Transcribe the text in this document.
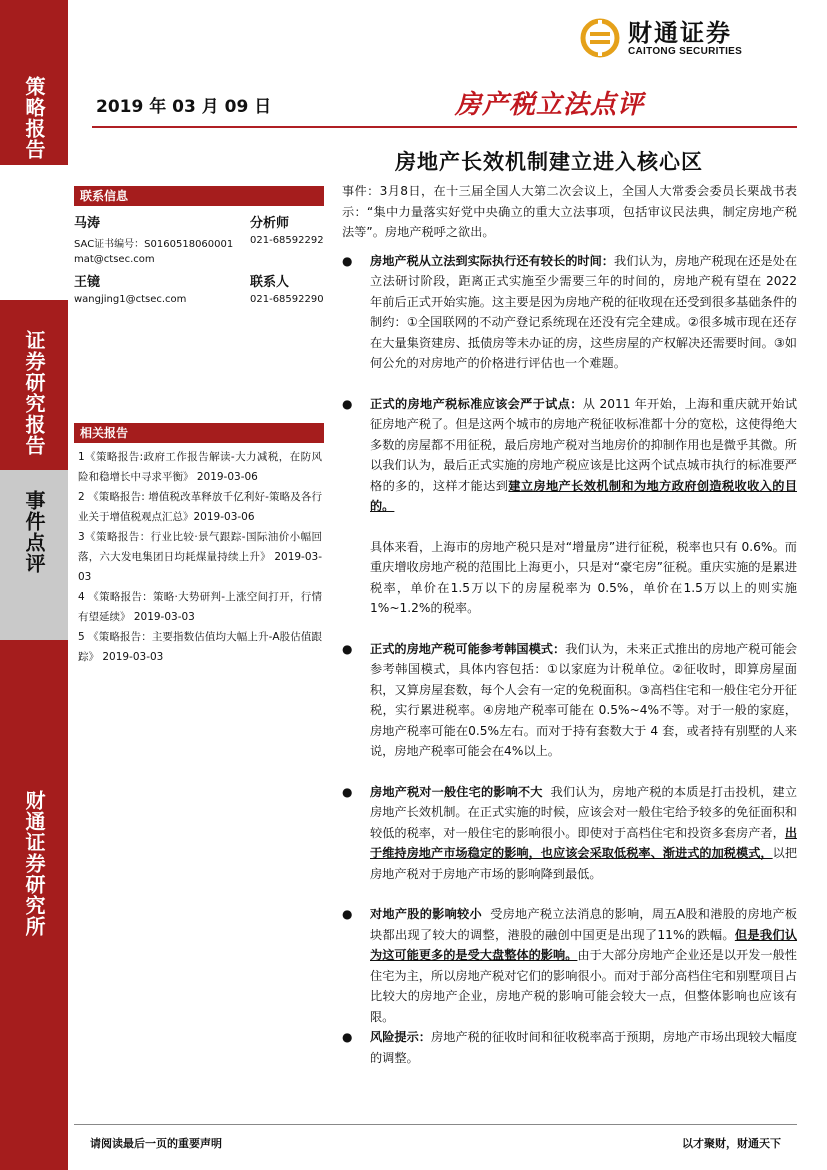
策略报告
证券研究报告
事件点评
财通证券研究所
财通证券
CAITONG SECURITIES
2019 年 03 月 09 日	房产税立法点评
房地产长效机制建立进入核心区
联系信息
马涛	分析师
SAC证书编号：S0160518060001 021-68592292
mat@ctsec.com
王镜	联系人
wangjing1@ctsec.com	021-68592290
相关报告
1《策略报告:政府工作报告解读-大力减税，在防风险和稳增长中寻求平衡》 2019-03-06
2 《策略报告: 增值税改革释放千亿利好-策略及各行业关于增值税观点汇总》2019-03-06
3《策略报告：行业比较·景气跟踪-国际油价小幅回落，六大发电集团日均耗煤量持续上升》 2019-03-03
4 《策略报告：策略·大势研判-上涨空间打开，行情有望延续》 2019-03-03
5 《策略报告：主要指数估值均大幅上升-A股估值跟踪》 2019-03-03
事件：3月8日，在十三届全国人大第二次会议上，全国人大常委会委员长栗战书表示：“集中力量落实好党中央确立的重大立法事项，包括审议民法典，制定房地产税法等”。房地产税呼之欲出。
● 房地产税从立法到实际执行还有较长的时间：我们认为，房地产税现在还是处在立法研讨阶段，距离正式实施至少需要三年的时间的，房地产税有望在 2022 年前后正式开始实施。这主要是因为房地产税的征收现在还受到很多基础条件的制约：①全国联网的不动产登记系统现在还没有完全建成。②很多城市现在还存在大量集资建房、抵债房等未办证的房，这些房屋的产权解决还需要时间。③如何公允的对房地产的价格进行评估也一个难题。
● 正式的房地产税标准应该会严于试点：从 2011 年开始，上海和重庆就开始试征房地产税了。但是这两个城市的房地产税征收标准都十分的宽松，这使得绝大多数的房屋都不用征税，最后房地产税对当地房价的抑制作用也是微乎其微。所以我们认为，最后正式实施的房地产税应该是比这两个试点城市执行的标准要严格的多的，这样才能达到建立房地产长效机制和为地方政府创造税收收入的目的。
具体来看，上海市的房地产税只是对“增量房”进行征税，税率也只有 0.6%。而重庆增收房地产税的范围比上海更小，只是对“豪宅房”征税。重庆实施的是累进税率，单价在1.5万以下的房屋税率为 0.5%，单价在1.5万以上的则实施1%~1.2%的税率。
● 正式的房地产税可能参考韩国模式：我们认为，未来正式推出的房地产税可能会参考韩国模式，具体内容包括：①以家庭为计税单位。②征收时，即算房屋面积，又算房屋套数，每个人会有一定的免税面积。③高档住宅和一般住宅分开征税，实行累进税率。④房地产税率可能在 0.5%~4%不等。对于一般的家庭，房地产税率可能在0.5%左右。而对于持有套数大于 4 套，或者持有别墅的人来说，房地产税率可能会在4%以上。
● 房地产税对一般住宅的影响不大 我们认为，房地产税的本质是打击投机，建立房地产长效机制。在正式实施的时候，应该会对一般住宅给予较多的免征面积和较低的税率，对一般住宅的影响很小。即使对于高档住宅和投资多套房产者，出于维持房地产市场稳定的影响，也应该会采取低税率、渐进式的加税模式，以把房地产税对于房地产市场的影响降到最低。
● 对地产股的影响较小 受房地产税立法消息的影响，周五A股和港股的房地产板块都出现了较大的调整，港股的融创中国更是出现了11%的跌幅。但是我们认为这可能更多的是受大盘整体的影响。由于大部分房地产企业还是以开发一般性住宅为主，所以房地产税对它们的影响很小。而对于部分高档住宅和别墅项目占比较大的房地产企业，房地产税的影响可能会较大一点，但整体影响也应该有限。
● 风险提示：房地产税的征收时间和征收税率高于预期，房地产市场出现较大幅度的调整。
请阅读最后一页的重要声明	以才聚财，财通天下
